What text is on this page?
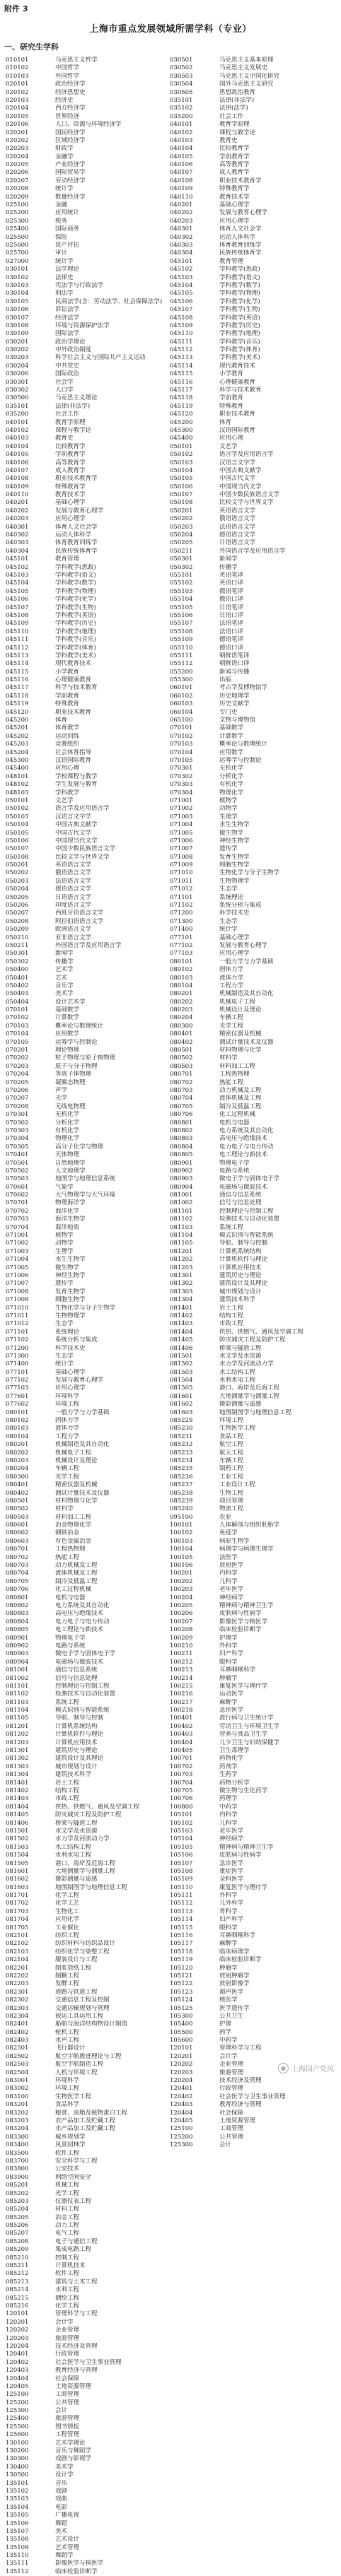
附件 3
上海市重点发展领域所需学科（专业）
一、研究生学科
010101	马克思主义哲学
010102	中国哲学
010103	外国哲学
020101	政治经济学
020102	经济思想史
020103	经济史
020104	西方经济学
020105	世界经济
020106	人口、资源与环境经济学
020201	国民经济学
020202	区域经济学
020203	财政学
020204	金融学
020205	产业经济学
020206	国际贸易学
020207	劳动经济学
020208	统计学
020209	数量经济学
025100	金融
025200	应用统计
025300	税务
025400	国际商务
025500	保险
025600	资产评估
025700	审计
027000	统计学
030101	法学理论
030102	法律史
030103	宪法学与行政法学
030104	刑法学
030105	民商法学(含：劳动法学、社会保障法学)
030106	诉讼法学
030107	经济法学
030108	环境与资源保护法学
030109	国际法学
030201	政治学理论
030202	中外政治制度
030203	科学社会主义与国际共产主义运动
030204	中共党史
030206	国际政治
030301	社会学
030302	人口学
030500	马克思主义理论
035101	法律(非法学)
035200	社会工作
040101	教育学原理
040102	课程与教学论
040103	教育史
040104	比较教育学
040105	学前教育学
040106	高等教育学
040107	成人教育学
040108	职业技术教育学
040109	特殊教育学
040110	教育技术学
040201	基础心理学
040202	发展与教育心理学
040203	应用心理学
040301	体育人文社会学
040302	运动人体科学
040303	体育教育训练学
040304	民族传统体育学
045101	教育管理
045102	学科教学(思政)
045103	学科教学(语文)
045104	学科教学(数学)
045105	学科教学(物理)
045106	学科教学(化学)
045107	学科教学(生物)
045108	学科教学(英语)
045109	学科教学(历史)
045110	学科教学(地理)
045111	学科教学(音乐)
045112	学科教学(体育)
045113	学科教学(美术)
045114	现代教育技术
045115	小学教育
045116	心理健康教育
045117	科学与技术教育
045118	学前教育
045119	特殊教育
045120	职业技术教育
045200	体育
045201	体育教学
045202	运动训练
045203	竞赛组织
045204	社会体育指导
045300	汉语国际教育
045400	应用心理
048101	学校课程与教学
048102	学生发展与教育
048103	学科教学
050101	文艺学
050102	语言学及应用语言学
050103	汉语言文字学
050104	中国古典文献学
050105	中国古代文学
050106	中国现当代文学
050107	中国少数民族语言文学
050108	比较文学与世界文学
050201	英语语言文学
050202	俄语语言文学
050203	法语语言文学
050204	德语语言文学
050205	日语语言文学
050206	印度语言文学
050207	西班牙语语言文学
050208	阿拉伯语语言文学
050209	欧洲语言文学
050210	亚非语言文学
050211	外国语言学及应用语言学
050301	新闻学
050302	传播学
050400	艺术学
050401	艺术
050402	音乐学
050403	美术学
050404	设计艺术学
070101	基础数学
070102	计算数学
070103	概率论与数理统计
070104	应用数学
070105	运筹学与控制论
070201	理论物理
070202	粒子物理与原子核物理
070203	原子与分子物理
070204	等离子体物理
070205	凝聚态物理
070206	声学
070207	光学
070208	无线电物理
070301	无机化学
070302	分析化学
070303	有机化学
070304	物理化学
070305	高分子化学与物理
070401	天体物理
070501	自然地理学
070502	人文地理学
070503	地图学与地理信息系统
070601	气象学
070602	大气物理学与大气环境
070701	物理海洋学
070702	海洋化学
070703	海洋生物学
070704	海洋地质
071001	植物学
071002	动物学
071003	生理学
071004	水生生物学
071005	微生物学
071006	神经生物学
071007	遗传学
071008	发育生物学
071009	细胞生物学
071010	生物化学与分子生物学
071011	生物物理学
071012	生态学
071101	系统理论
071102	系统分析与集成
071200	科学技术史
071300	生态学
071400	统计学
077101	基础心理学
077102	发展与教育心理学
077103	应用心理学
077601	环境科学
077602	环境工程
080101	一般力学与力学基础
080102	固体力学
080103	流体力学
080104	工程力学
080201	机械制造及其自动化
080202	机械电子工程
080203	机械设计及理论
080204	车辆工程
080300	光学工程
080401	精密仪器及机械
080402	测试计量技术及仪器
080501	材料物理与化学
080502	材料学
080503	材料加工工程
080601	冶金物理化学
080602	钢铁冶金
080603	有色金属冶金
080701	工程热物理
080702	热能工程
080703	动力机械及工程
080704	流体机械及工程
080705	制冷及低温工程
080706	化工过程机械
080801	电机与电器
080802	电力系统及其自动化
080803	高电压与绝缘技术
080804	电力电子与电力传动
080805	电工理论与新技术
080901	物理电子学
080902	电路与系统
080903	微电子学与固体电子学
080904	电磁场与微波技术
081001	通信与信息系统
081002	信号与信息处理
081101	控制理论与控制工程
081102	检测技术与自动化装置
081103	系统工程
081104	模式识别与智能系统
081105	导航、制导与控制
081201	计算机系统结构
081202	计算机软件与理论
081203	计算机应用技术
081301	建筑历史与理论
081302	建筑设计及其理论
081303	城市规划与设计
081304	建筑技术科学
081401	岩土工程
081402	结构工程
081403	市政工程
081404	供热、供燃气、通风及空调工程
081405	防灾减灾工程及防护工程
081406	桥梁与隧道工程
081501	水文学及水资源
081502	水力学及河流动力学
081503	水工结构工程
081504	水利水电工程
081505	港口、海岸及近海工程
081601	大地测量学与测量工程
081602	摄影测量与遥感
081603	地图制图学与地理信息工程
081701	化学工程
081702	化学工艺
081703	生物化工
081704	应用化学
081705	工业催化
082101	纺织工程
082102	纺织材料与纺织品设计
082103	纺织化学与染整工程
082104	服装设计与工程
082201	制浆造纸工程
082202	制糖工程
082203	发酵工程
082301	道路与铁道工程
082302	交通信息工程及控制
082303	交通运输规划与管理
082304	载运工具运用工程
082401	船舶与海洋结构物设计制造
082402	轮机工程
082403	水声工程
082501	飞行器设计
082502	航空宇航推进理论与工程
082503	航空宇航制造工程
082504	人机与环境工程
083001	环境科学
083002	环境工程
083100	生物医学工程
083201	食品科学
083202	粮食、油脂及植物蛋白工程
083203	农产品加工及贮藏工程
083204	水产品加工及贮藏工程
083300	城乡规划学
083400	风景园林学
083500	软件工程
083700	安全科学与工程
083800	公安技术
083900	网络空间安全
085201	机械工程
085202	光学工程
085203	仪器仪表工程
085204	材料工程
085205	冶金工程
085206	动力工程
085207	电气工程
085208	电子与通信工程
085209	集成电路工程
085210	控制工程
085211	计算机技术
085212	软件工程
085213	建筑与土木工程
085214	水利工程
085215	测绘工程
085216	化学工程
120101	管理科学与工程
120201	会计学
120202	企业管理
120203	旅游管理
120204	技术经济及管理
120401	行政管理
120402	社会医学与卫生事业管理
120403	教育经济与管理
120404	社会保障
120405	土地资源管理
125100	工商管理
125200	公共管理
125300	会计
125400	旅游管理
125500	图书情报
125600	工程管理
130100	艺术学理论
130200	音乐与舞蹈学
130300	戏剧与影视学
130400	美术学
130500	设计学
135101	音乐
135102	戏剧
135103	戏曲
135104	电影
135105	广播电视
135106	舞蹈
135107	美术
135108	艺术设计
135109	艺术管理
135110	舞蹈学
135111	影像医学与核医学
135112	临床检验诊断学
030501	马克思主义基本原理
030502	马克思主义发展史
030503	马克思主义中国化研究
030504	国外马克思主义研究
030505	思想政治教育
035101	法律(非法学)
035102	法律(法学)
035200	社会工作
040101	教育学原理
040102	课程与教学论
040103	教育史
040104	比较教育学
040105	学前教育学
040106	高等教育学
040107	成人教育学
040108	职业技术教育学
040109	特殊教育学
040110	教育技术学
040201	基础心理学
040202	发展与教育心理学
040203	应用心理学
040301	体育人文社会学
040302	运动人体科学
040303	体育教育训练学
040304	民族传统体育学
045101	教育管理
045102	学科教学(思政)
045103	学科教学(语文)
045104	学科教学(数学)
045105	学科教学(物理)
045106	学科教学(化学)
045107	学科教学(生物)
045108	学科教学(英语)
045109	学科教学(历史)
045110	学科教学(地理)
045111	学科教学(音乐)
045112	学科教学(体育)
045113	学科教学(美术)
045114	现代教育技术
045115	小学教育
045116	心理健康教育
045117	科学与技术教育
045118	学前教育
045119	特殊教育
045120	职业技术教育
045200	体育
045300	汉语国际教育
045400	应用心理
050101	文艺学
050102	语言学及应用语言学
050103	汉语言文字学
050104	中国古典文献学
050105	中国古代文学
050106	中国现当代文学
050107	中国少数民族语言文学
050108	比较文学与世界文学
050201	英语语言文学
050202	俄语语言文学
050203	法语语言文学
050204	德语语言文学
050205	日语语言文学
050211	外国语言学及应用语言学
050301	新闻学
050302	传播学
055101	英语笔译
055102	英语口译
055103	俄语笔译
055104	俄语口译
055105	日语笔译
055106	日语口译
055107	法语笔译
055108	法语口译
055109	德语笔译
055110	德语口译
055111	朝鲜语笔译
055112	朝鲜语口译
055200	新闻与传播
055300	出版
060101	考古学及博物馆学
060102	历史地理学
060103	历史文献学
060104	专门史
065100	文物与博物馆
070101	基础数学
070102	计算数学
070103	概率论与数理统计
070104	应用数学
070105	运筹学与控制论
070301	无机化学
070302	分析化学
070303	有机化学
070304	物理化学
071001	植物学
071002	动物学
071003	生理学
071004	水生生物学
071005	微生物学
071006	神经生物学
071007	遗传学
071008	发育生物学
071009	细胞生物学
071010	生物化学与分子生物学
071011	生物物理学
071012	生态学
071101	系统理论
071102	系统分析与集成
071200	科学技术史
071300	生态学
071400	统计学
077101	基础心理学
077102	发展与教育心理学
077103	应用心理学
080101	一般力学与力学基础
080102	固体力学
080103	流体力学
080104	工程力学
080201	机械制造及其自动化
080202	机械电子工程
080203	机械设计及理论
080204	车辆工程
080300	光学工程
080401	精密仪器及机械
080402	测试计量技术及仪器
080501	材料物理与化学
080502	材料学
080503	材料加工工程
080701	工程热物理
080702	热能工程
080703	动力机械及工程
080704	流体机械及工程
080705	制冷及低温工程
080706	化工过程机械
080801	电机与电器
080802	电力系统及其自动化
080803	高电压与绝缘技术
080804	电力电子与电力传动
080805	电工理论与新技术
080901	物理电子学
080902	电路与系统
080903	微电子学与固体电子学
080904	电磁场与微波技术
081001	通信与信息系统
081002	信号与信息处理
081101	控制理论与控制工程
081102	检测技术与自动化装置
081103	系统工程
081104	模式识别与智能系统
081105	导航、制导与控制
081201	计算机系统结构
081202	计算机软件与理论
081203	计算机应用技术
081301	建筑历史与理论
081302	建筑设计及其理论
081303	城市规划与设计
081304	建筑技术科学
081401	岩土工程
081402	结构工程
081403	市政工程
081404	供热、供燃气、通风及空调工程
081405	防灾减灾工程及防护工程
081406	桥梁与隧道工程
081501	水文学及水资源
081502	水力学及河流动力学
081503	水工结构工程
081504	水利水电工程
081505	港口、海岸及近海工程
081601	大地测量学与测量工程
081602	摄影测量与遥感
081603	地图制图学与地理信息工程
085229	环境工程
085230	生物医学工程
085231	食品工程
085232	航空工程
085233	航天工程
085234	车辆工程
085235	制药工程
085236	工业工程
085237	工业设计工程
085238	生物工程
085239	项目管理
085240	物流工程
095100	农业
100101	人体解剖与组织胚胎学
100102	免疫学
100103	病原生物学
100104	病理学与病理生理学
100105	法医学
100106	放射医学
100201	内科学
100202	儿科学
100203	老年医学
100204	神经病学
100205	精神病与精神卫生学
100206	皮肤病与性病学
100207	影像医学与核医学
100208	临床检验诊断学
100209	护理学
100210	外科学
100211	妇产科学
100212	眼科学
100213	耳鼻咽喉科学
100214	肿瘤学
100215	康复医学与理疗学
100216	运动医学
100217	麻醉学
100218	急诊医学
100401	流行病与卫生统计学
100402	劳动卫生与环境卫生学
100403	营养与食品卫生学
100404	儿少卫生与妇幼保健学
100405	卫生毒理学
100701	药物化学
100702	药剂学
100703	生药学
100704	药物分析学
100705	微生物与生化药学
100706	药理学
100800	中药学
105101	内科学
105102	儿科学
105103	老年医学
105104	神经病学
105105	精神病与精神卫生学
105106	皮肤病与性病学
105107	急诊医学
105108	重症医学
105109	全科医学
105110	康复医学与理疗学
105111	外科学
105112	儿外科学
105113	骨科学
105114	妇产科学
105115	眼科学
105116	耳鼻咽喉科学
105117	麻醉学
105118	临床病理学
105119	临床检验诊断学
105120	肿瘤学
105121	放射肿瘤学
105122	放射影像学
105123	超声医学
105124	核医学
105125	医学遗传学
105300	公共卫生
105400	护理
105500	药学
105600	中药学
120101	管理科学与工程
120201	会计学
120202	企业管理
120203	旅游管理
120204	技术经济及管理
120401	行政管理
120402	社会医学与卫生事业管理
120403	教育经济与管理
120404	社会保障
120405	土地资源管理
125100	工商管理
125200	公共管理
125300	会计
● 上海国产党风
